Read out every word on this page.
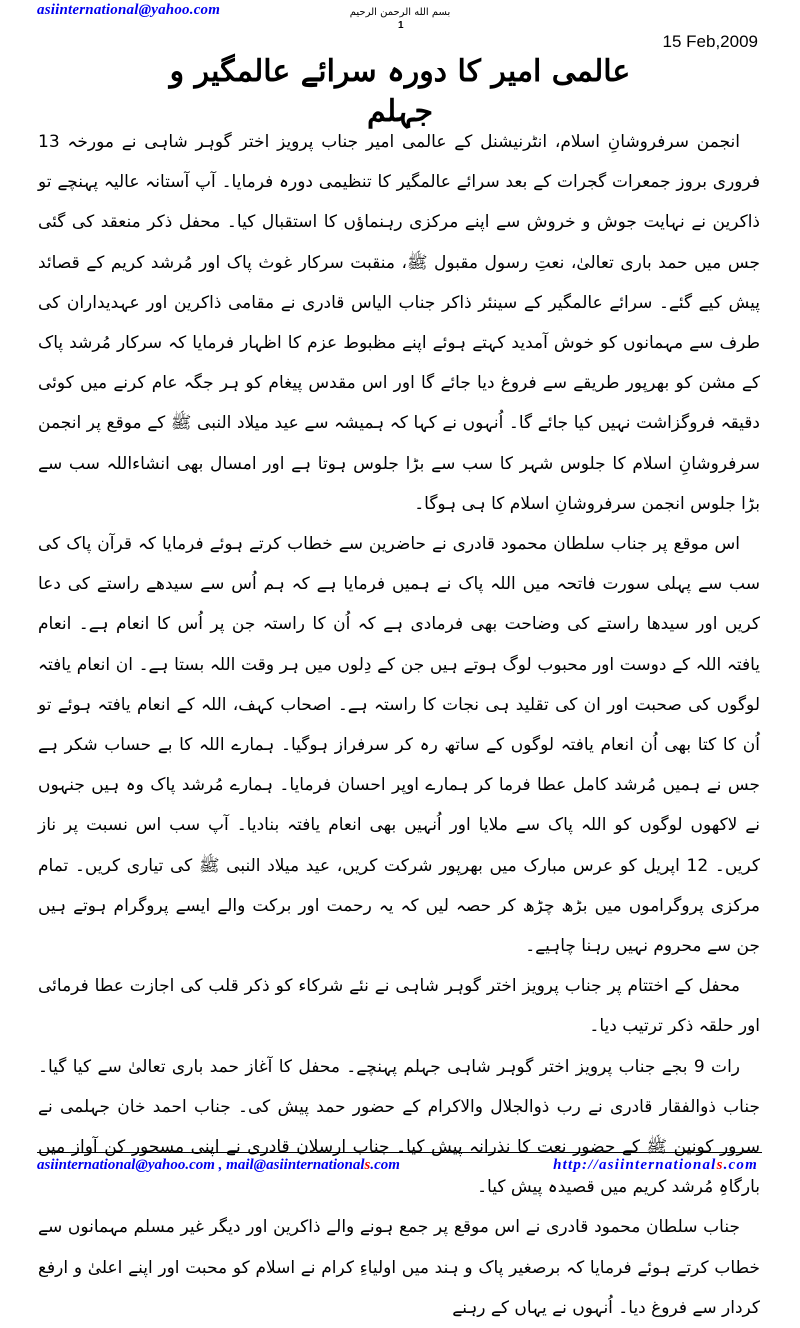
asiinternational@yahoo.com	بسم الله الرحمن الرحیم
1
15 Feb,2009
عالمی امیر کا دورہ سرائے عالمگیر و جہلم

انجمن سرفروشانِ اسلام، انٹرنیشنل کے عالمی امیر جناب پرویز اختر گوہر شاہی نے مورخہ 13 فروری بروز جمعرات گجرات کے بعد سرائے عالمگیر کا تنظیمی دورہ فرمایا۔ آپ آستانہ عالیہ پہنچے تو ذاکرین نے نہایت جوش و خروش سے اپنے مرکزی رہنماؤں کا استقبال کیا۔ محفل ذکر منعقد کی گئی جس میں حمد باری تعالیٰ، نعتِ رسول مقبول ﷺ، منقبت سرکار غوث پاک اور مُرشد کریم کے قصائد پیش کیے گئے۔ سرائے عالمگیر کے سینئر ذاکر جناب الیاس قادری نے مقامی ذاکرین اور عہدیداران کی طرف سے مہمانوں کو خوش آمدید کہتے ہوئے اپنے مظبوط عزم کا اظہار فرمایا کہ سرکار مُرشد پاک کے مشن کو بھرپور طریقے سے فروغ دیا جائے گا اور اس مقدس پیغام کو ہر جگہ عام کرنے میں کوئی دقیقہ فروگزاشت نہیں کیا جائے گا۔ اُنہوں نے کہا کہ ہمیشہ سے عید میلاد النبی ﷺ کے موقع پر انجمن سرفروشانِ اسلام کا جلوس شہر کا سب سے بڑا جلوس ہوتا ہے اور امسال بھی انشاءاللہ سب سے بڑا جلوس انجمن سرفروشانِ اسلام کا ہی ہوگا۔

اس موقع پر جناب سلطان محمود قادری نے حاضرین سے خطاب کرتے ہوئے فرمایا کہ قرآن پاک کی سب سے پہلی سورت فاتحہ میں اللہ پاک نے ہمیں فرمایا ہے کہ ہم اُس سے سیدھے راستے کی دعا کریں اور سیدھا راستے کی وضاحت بھی فرمادی ہے کہ اُن کا راستہ جن پر اُس کا انعام ہے۔ انعام یافتہ اللہ کے دوست اور محبوب لوگ ہوتے ہیں جن کے دِلوں میں ہر وقت اللہ بستا ہے۔ ان انعام یافتہ لوگوں کی صحبت اور ان کی تقلید ہی نجات کا راستہ ہے۔ اصحاب کہف، اللہ کے انعام یافتہ ہوئے تو اُن کا کتا بھی اُن انعام یافتہ لوگوں کے ساتھ رہ کر سرفراز ہوگیا۔ ہمارے اللہ کا بے حساب شکر ہے جس نے ہمیں مُرشد کامل عطا فرما کر ہمارے اوپر احسان فرمایا۔ ہمارے مُرشد پاک وہ ہیں جنہوں نے لاکھوں لوگوں کو اللہ پاک سے ملایا اور اُنہیں بھی انعام یافتہ بنادیا۔ آپ سب اس نسبت پر ناز کریں۔ 12 اپریل کو عرس مبارک میں بھرپور شرکت کریں، عید میلاد النبی ﷺ کی تیاری کریں۔ تمام مرکزی پروگراموں میں بڑھ چڑھ کر حصہ لیں کہ یہ رحمت اور برکت والے ایسے پروگرام ہوتے ہیں جن سے محروم نہیں رہنا چاہیے۔

محفل کے اختتام پر جناب پرویز اختر گوہر شاہی نے نئے شرکاء کو ذکر قلب کی اجازت عطا فرمائی اور حلقہ ذکر ترتیب دیا۔

رات 9 بجے جناب پرویز اختر گوہر شاہی جہلم پہنچے۔ محفل کا آغاز حمد باری تعالیٰ سے کیا گیا۔ جناب ذوالفقار قادری نے رب ذوالجلال والاکرام کے حضور حمد پیش کی۔ جناب احمد خان جہلمی نے سرور کونین ﷺ کے حضور نعت کا نذرانہ پیش کیا۔ جناب ارسلان قادری نے اپنی مسحور کن آواز میں بارگاہِ مُرشد کریم میں قصیدہ پیش کیا۔

جناب سلطان محمود قادری نے اس موقع پر جمع ہونے والے ذاکرین اور دیگر غیر مسلم مہمانوں سے خطاب کرتے ہوئے فرمایا کہ برصغیر پاک و ہند میں اولیاءِ کرام نے اسلام کو محبت اور اپنے اعلیٰ و ارفع کردار سے فروغ دیا۔ اُنہوں نے یہاں کے رہنے

asiinternational@yahoo.com , mail@asiinternationals.com	http://asiinternationals.com
